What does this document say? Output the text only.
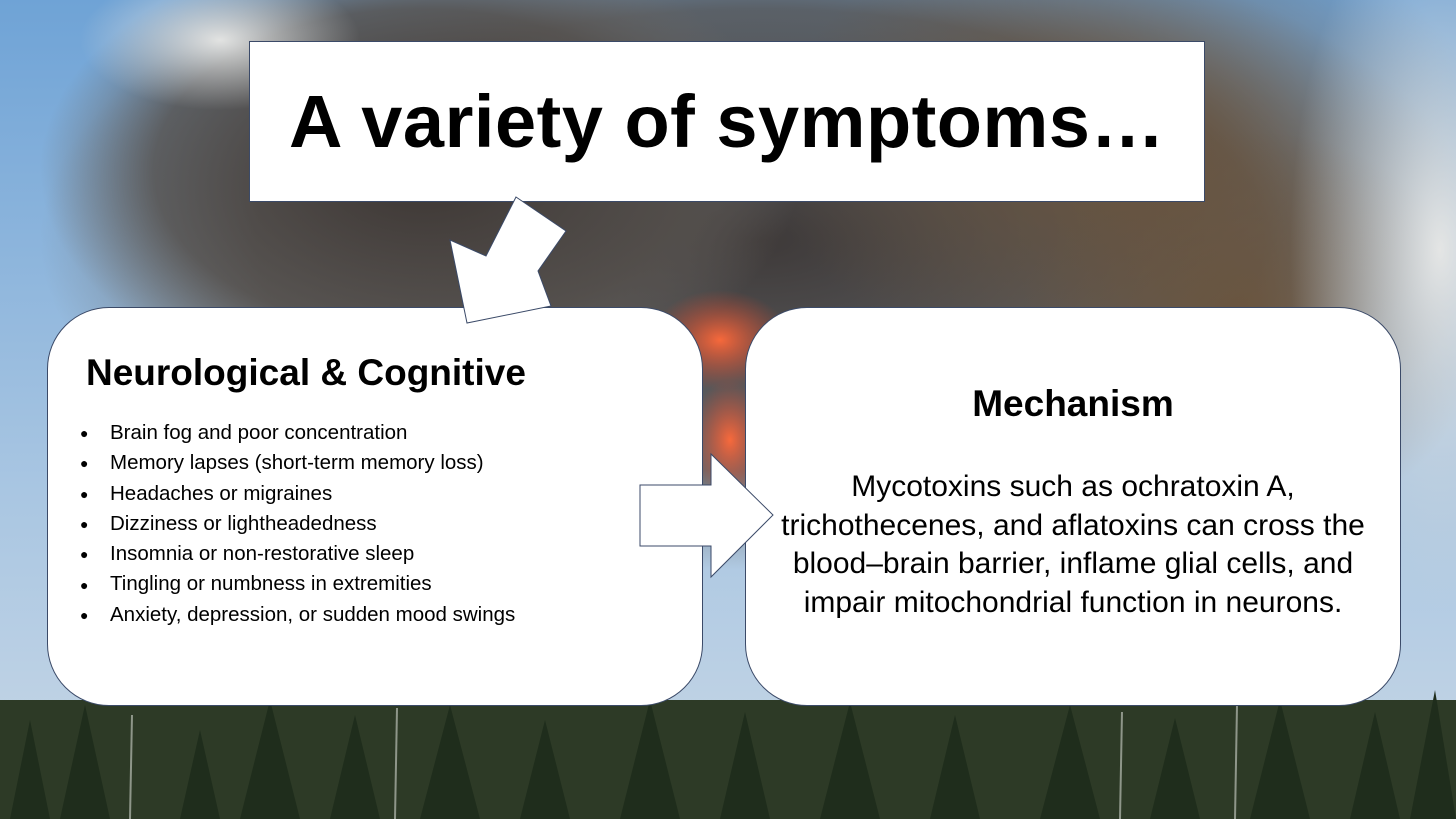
A variety of symptoms…
Neurological & Cognitive
●	Brain fog and poor concentration
●	Memory lapses (short-term memory loss)
●	Headaches or migraines
●	Dizziness or lightheadedness
●	Insomnia or non-restorative sleep
●	Tingling or numbness in extremities
●	Anxiety, depression, or sudden mood swings
Mechanism

Mycotoxins such as ochratoxin A, trichothecenes, and aflatoxins can cross the blood–brain barrier, inflame glial cells, and impair mitochondrial function in neurons.
